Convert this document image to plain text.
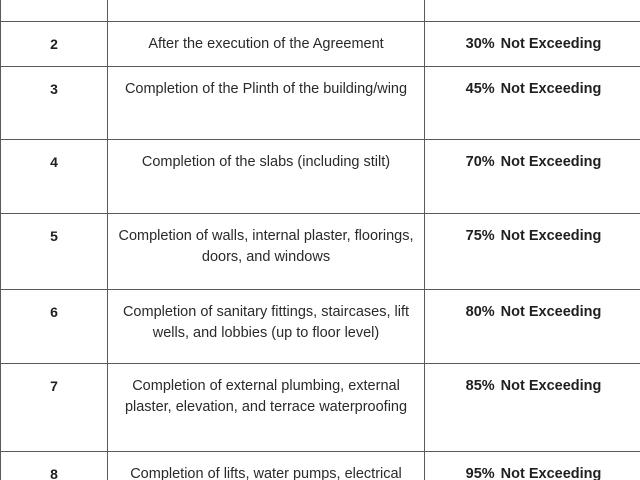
2	After the execution of the Agreement	30% Not Exceeding

3	Completion of the Plinth of the building/wing	45% Not Exceeding

4	Completion of the slabs (including stilt)	70% Not Exceeding

5	Completion of walls, internal plaster, floorings, doors, and windows	75% Not Exceeding

6	Completion of sanitary fittings, staircases, lift wells, and lobbies (up to floor level)	80% Not Exceeding

7	Completion of external plumbing, external plaster, elevation, and terrace waterproofing	85% Not Exceeding

8	Completion of lifts, water pumps, electrical	95% Not Exceeding
